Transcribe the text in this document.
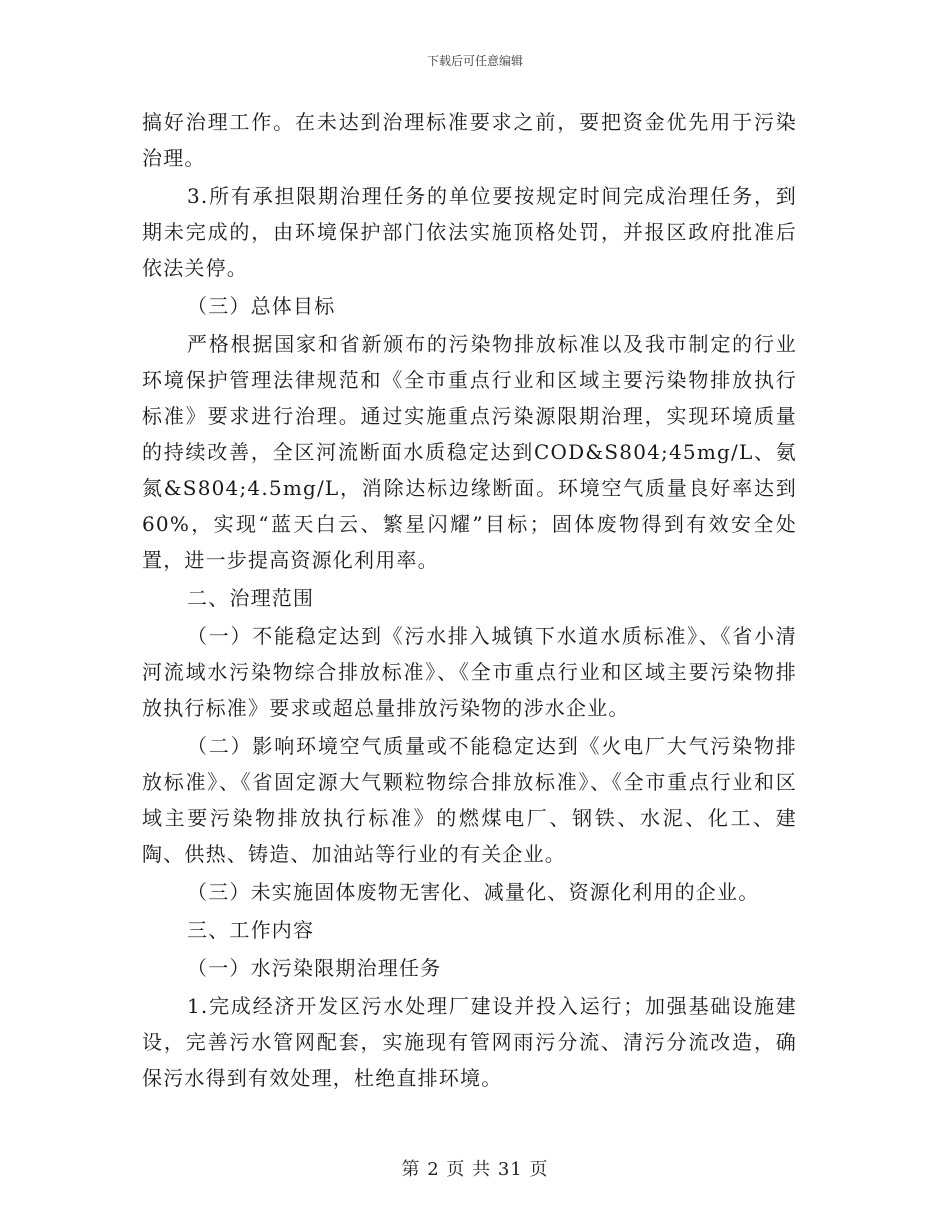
下载后可任意编辑

搞好治理工作。在未达到治理标准要求之前，要把资金优先用于污染治理。

3.所有承担限期治理任务的单位要按规定时间完成治理任务，到期未完成的，由环境保护部门依法实施顶格处罚，并报区政府批准后依法关停。

（三）总体目标

严格根据国家和省新颁布的污染物排放标准以及我市制定的行业环境保护管理法律规范和《全市重点行业和区域主要污染物排放执行标准》要求进行治理。通过实施重点污染源限期治理，实现环境质量的持续改善，全区河流断面水质稳定达到COD&S804;45mg/L、氨氮&S804;4.5mg/L，消除达标边缘断面。环境空气质量良好率达到60%，实现“蓝天白云、繁星闪耀”目标；固体废物得到有效安全处置，进一步提高资源化利用率。

二、治理范围

（一）不能稳定达到《污水排入城镇下水道水质标准》、《省小清河流域水污染物综合排放标准》、《全市重点行业和区域主要污染物排放执行标准》要求或超总量排放污染物的涉水企业。

（二）影响环境空气质量或不能稳定达到《火电厂大气污染物排放标准》、《省固定源大气颗粒物综合排放标准》、《全市重点行业和区域主要污染物排放执行标准》的燃煤电厂、钢铁、水泥、化工、建陶、供热、铸造、加油站等行业的有关企业。

（三）未实施固体废物无害化、减量化、资源化利用的企业。

三、工作内容

（一）水污染限期治理任务

1.完成经济开发区污水处理厂建设并投入运行；加强基础设施建设，完善污水管网配套，实施现有管网雨污分流、清污分流改造，确保污水得到有效处理，杜绝直排环境。

第 2 页 共 31 页
